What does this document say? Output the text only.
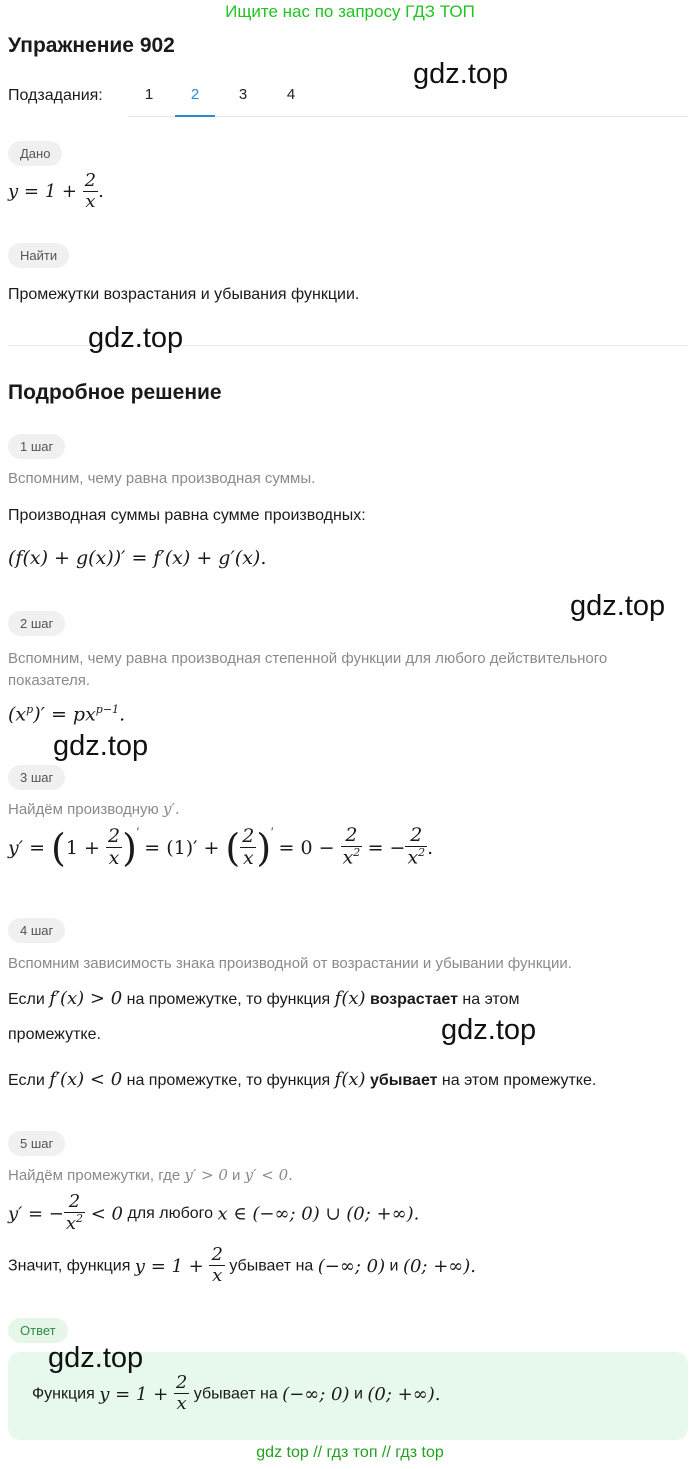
Ищите нас по запросу ГДЗ ТОП
Упражнение 902
Подзадания:	1	2	3	4
gdz.top
Дано
$y = 1 + \frac{2}{x}$ .
Найти
Промежутки возрастания и убывания функции.
gdz.top
Подробное решение
1 шаг
Вспомним, чему равна производная суммы.
Производная суммы равна сумме производных:
(f(x) + g(x))′ = f′(x) + g′(x).
gdz.top
2 шаг
Вспомним, чему равна производная степенной функции для любого действительного показателя.
$(x^p)' = px^{p-1}$.
gdz.top
3 шаг
Найдём производную y′.
$y' = (1 + \frac{2}{x} )' = (1)'$ + ( $\frac{2}{x} )' = 0 - \frac{2}{x^2}$ = − $\frac{2}{x^2}$ .
4 шаг
Вспомним зависимость знака производной от возрастании и убывании функции.
Если f′(x) > 0 на промежутке, то функция f(x) возрастает на этом
промежутке.	gdz.top
Если f′(x) < 0 на промежутке, то функция f(x) убывает на этом промежутке.
5 шаг
Найдём промежутки, где y′ > 0 и y′ < 0.
y′ = − $\frac{2}{x^2} < 0$ для любого x ∈ (−∞; 0) ∪ (0; +∞).
Значит, функция $y = 1 + \frac{2}{x}$ убывает на (−∞; 0) и (0; +∞).
Ответ
gdz.top
Функция $y = 1 + \frac{2}{x}$ убывает на (−∞; 0) и (0; +∞).
gdz top // гдз топ // гдз top
